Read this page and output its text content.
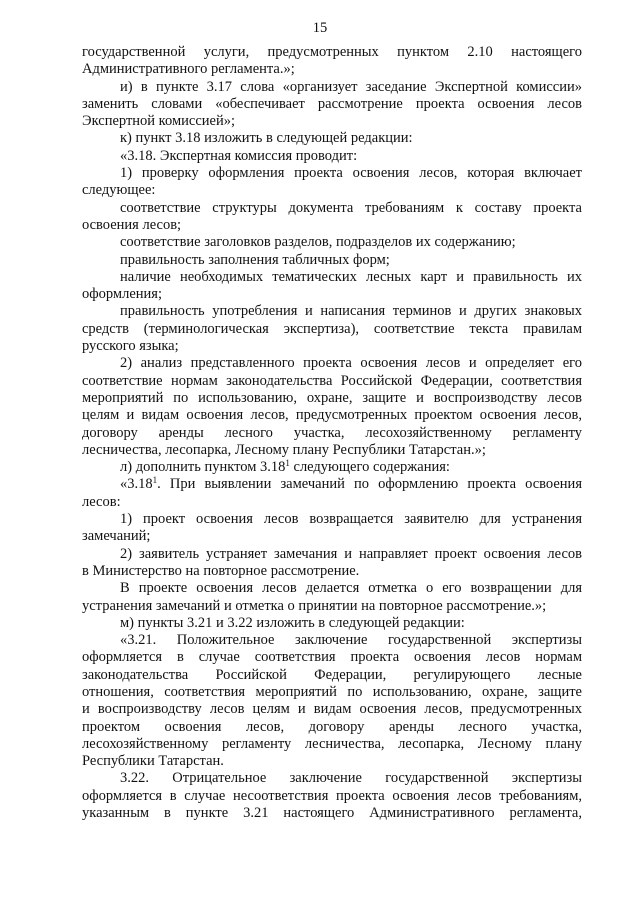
15
государственной услуги, предусмотренных пунктом 2.10 настоящего
Административного регламента.»;
и) в пункте 3.17 слова «организует заседание Экспертной комиссии»
заменить словами «обеспечивает рассмотрение проекта освоения лесов
Экспертной комиссией»;
к) пункт 3.18 изложить в следующей редакции:
«3.18. Экспертная комиссия проводит:
1) проверку оформления проекта освоения лесов, которая включает
следующее:
соответствие структуры документа требованиям к составу проекта
освоения лесов;
соответствие заголовков разделов, подразделов их содержанию;
правильность заполнения табличных форм;
наличие необходимых тематических лесных карт и правильность их
оформления;
правильность употребления и написания терминов и других знаковых
средств (терминологическая экспертиза), соответствие текста правилам
русского языка;
2) анализ представленного проекта освоения лесов и определяет его
соответствие нормам законодательства Российской Федерации, соответствия
мероприятий по использованию, охране, защите и воспроизводству лесов
целям и видам освоения лесов, предусмотренных проектом освоения лесов,
договору аренды лесного участка, лесохозяйственному регламенту
лесничества, лесопарка, Лесному плану Республики Татарстан.»;
л) дополнить пунктом 3.18$^1$ следующего содержания:
«3.18$^1$. При выявлении замечаний по оформлению проекта освоения
лесов:
1) проект освоения лесов возвращается заявителю для устранения
замечаний;
2) заявитель устраняет замечания и направляет проект освоения лесов
в Министерство на повторное рассмотрение.
В проекте освоения лесов делается отметка о его возвращении для
устранения замечаний и отметка о принятии на повторное рассмотрение.»;
м) пункты 3.21 и 3.22 изложить в следующей редакции:
«3.21. Положительное заключение государственной экспертизы
оформляется в случае соответствия проекта освоения лесов нормам
законодательства Российской Федерации, регулирующего лесные
отношения, соответствия мероприятий по использованию, охране, защите
и воспроизводству лесов целям и видам освоения лесов, предусмотренных
проектом освоения лесов, договору аренды лесного участка,
лесохозяйственному регламенту лесничества, лесопарка, Лесному плану
Республики Татарстан.
3.22. Отрицательное заключение государственной экспертизы
оформляется в случае несоответствия проекта освоения лесов требованиям,
указанным в пункте 3.21 настоящего Административного регламента,
